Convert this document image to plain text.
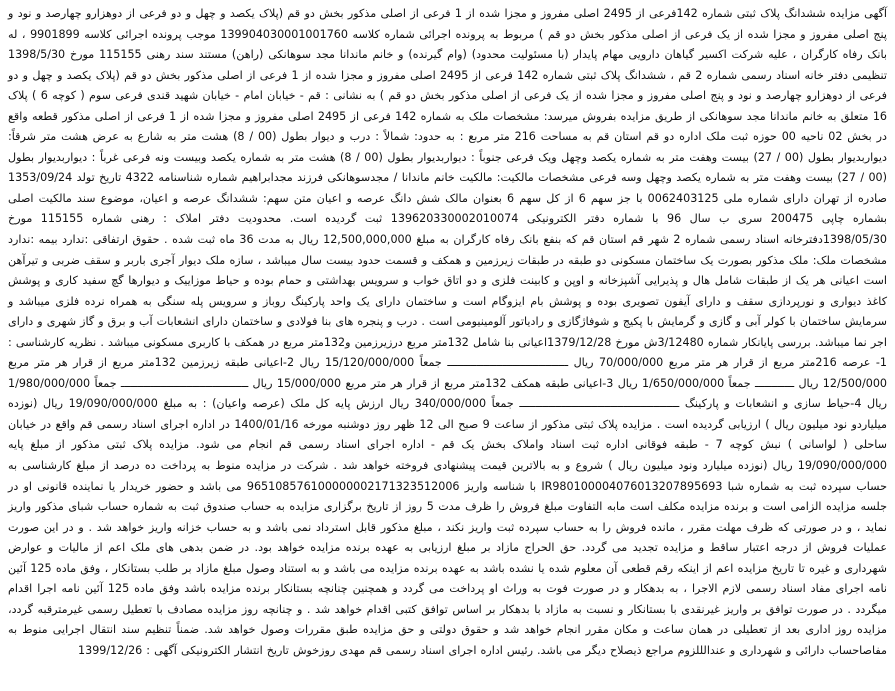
آگهی مزایده ششدانگ پلاک ثبتی شماره 142فرعی از 2495 اصلی مفروز و مجزا شده از 1 فرعی از اصلی مذکور بخش دو قم (پلاک یکصد و چهل و دو فرعی از دوهزارو چهارصد و نود و پنج اصلی مفروز و مجزا شده از یک فرعی از اصلی مذکور بخش دو قم ) مربوط به پرونده اجرائی شماره کلاسه 139904030001001760 موجب پرونده اجرائی کلاسه 9901899 ، له بانک رفاه کارگران ، علیه شرکت اکسیر گیاهان دارویی مهام پایدار (با مسئولیت محدود) (وام گیرنده) و خانم ماندانا مجد سوهانکی (راهن) مستند سند رهنی 115155 مورخ 1398/5/30 تنظیمی دفتر خانه اسناد رسمی شماره 2 قم ، ششدانگ پلاک ثبتی شماره 142 فرعی از 2495 اصلی مفروز و مجزا شده از 1 فرعی از اصلی مذکور بخش دو قم (پلاک یکصد و چهل و دو فرعی از دوهزارو چهارصد و نود و پنج اصلی مفروز و مجزا شده از یک فرعی از اصلی مذکور بخش دو قم ) به نشانی : قم - خیابان امام - خیابان شهید قندی فرعی سوم ( کوچه 6 ) پلاک 16 متعلق به خانم ماندانا مجد سوهانکی از طریق مزایده بفروش میرسد: مشخصات ملک به شماره 142 فرعی از 2495 اصلی مفروز و مجزا شده از 1 فرعی از اصلی مذکور قطعه واقع در بخش 02 ناحیه 00 حوزه ثبت ملک اداره دو قم استان قم به مساحت 216 متر مربع : به حدود: شمالاً : درب و دیوار بطول (00 / 8) هشت متر به شارع به عرض هشت متر شرقاً: دیواربدیوار بطول (00 / 27) بیست وهفت متر به شماره یکصد وچهل ویک فرعی جنوباً : دیواربدیوار بطول (00 / 8) هشت متر به شماره یکصد وبیست ونه فرعی غرباً : دیواربدیوار بطول (00 / 27) بیست وهفت متر به شماره یکصد وچهل وسه فرعی مشخصات مالکیت: مالکیت خانم ماندانا / مجدسوهانکی فرزند مجدابراهیم شماره شناسنامه 4322 تاریخ تولد 1353/09/24 صادره از تهران دارای شماره ملی 0062403125 با جز سهم 6 از کل سهم 6 بعنوان مالک شش دانگ عرصه و اعیان متن سهم: ششدانگ عرصه و اعیان، موضوع سند مالکیت اصلی بشماره چاپی 200475 سری ب سال 96 با شماره دفتر الکترونیکی 139620330002010074 ثبت گردیده است. محدودیت دفتر املاک : رهنی شماره 115155 مورخ 1398/05/30دفترخانه اسناد رسمی شماره 2 شهر قم استان قم که بنفع بانک رفاه کارگران به مبلغ 12,500,000,000 ریال به مدت 36 ماه ثبت شده . حقوق ارتفاقی :ندارد بیمه :ندارد مشخصات ملک: ملک مذکور بصورت یک ساختمان مسکونی دو طبقه در طبقات زیرزمین و همکف و قسمت حدود بیست سال میباشد ، سازه ملک دیوار آجری باربر و سقف ضربی و تیرآهن است اعیانی هر یک از طبقات شامل هال و پذیرایی آشپزخانه و اوپن و کابینت فلزی و دو اتاق خواب و سرویس بهداشتی و حمام بوده و حیاط موزاییک و دیوارها گچ سفید کاری و پوشش کاغذ دیواری و نورپردازی سقف و دارای آیفون تصویری بوده و پوشش بام ایزوگام است و ساختمان دارای یک واحد پارکینگ روباز و سرویس پله سنگی به همراه نرده فلزی میباشد و سرمایش ساختمان با کولر آبی و گازی و گرمایش با پکیج و شوفاژگازی و رادیاتور آلومینیومی است . درب و پنجره های بنا فولادی و ساختمان دارای انشعابات آب و برق و گاز شهری و دارای اجر نما میباشد. بررسی پایانکار شماره 3/12480ش مورخ 1379/12/28اعیانی بنا شامل 132متر مربع درزیرزمین و132متر مربع در همکف با کاربری مسکونی میباشد . نظریه کارشناسی : 1- عرصه 216متر مربع از قرار هر متر مربع 70/000/000 ریال ـــــــــــــــــــــــــــــــــــــ جمعاً 15/120/000/000 ریال 2-اعیانی طبقه زیرزمین 132متر مربع از قرار هر متر مربع 12/500/000 ریال ــــــــــــ جمعاً 1/650/000/000 ریال 3-اعیانی طبقه همکف 132متر مربع از قرار هر متر مربع 15/000/000 ریال ـــــــــــــــــــــــــــــــــــــــ جمعاً 1/980/000/000 ریال 4-حیاط سازی و انشعابات و پارکینگ ـــــــــــــــــــــــــــــــــــــــــــــــــ جمعاً 340/000/000 ریال ارزش پایه کل ملک (عرصه واعیان) : به مبلغ 19/090/000/000 ریال (نوزده میلیاردو نود میلیون ریال ) ارزیابی گردیده است . مزایده پلاک ثبتی مذکور از ساعت 9 صبح الی 12 ظهر روز دوشنبه مورخه 1400/01/16 در اداره اجرای اسناد رسمی قم واقع در خیابان ساحلی ( لواسانی ) نبش کوچه 7 - طبقه فوقانی اداره ثبت اسناد واملاک بخش یک قم - اداره اجرای اسناد رسمی قم انجام می شود. مزایده پلاک ثبتی مذکور از مبلغ پایه 19/090/000/000 ریال (نوزده میلیارد ونود میلیون ریال ) شروع و به بالاترین قیمت پیشنهادی فروخته خواهد شد . شرکت در مزایده منوط به پرداخت ده درصد از مبلغ کارشناسی به حساب سپرده ثبت به شماره شبا IR980100004076013207895693 با شناسه واریز 965108576100000002171323512006 می باشد و حضور خریدار یا نماینده قانونی او در جلسه مزایده الزامی است و برنده مزایده مکلف است مابه التفاوت مبلغ فروش را ظرف مدت 5 روز از تاریخ برگزاری مزایده به حساب صندوق ثبت به شماره حساب شبای مذکور واریز نماید ، و در صورتی که ظرف مهلت مقرر ، مانده فروش را به حساب سپرده ثبت واریز نکند ، مبلغ مذکور قابل استرداد نمی باشد و به حساب خزانه واریز خواهد شد . و در این صورت عملیات فروش از درجه اعتبار ساقط و مزایده تجدید می گردد. حق الحراج مازاد بر مبلغ ارزیابی به عهده برنده مزایده خواهد بود. در ضمن بدهی های ملک اعم از مالیات و عوارض شهرداری و غیره تا تاریخ مزایده اعم از اینکه رقم قطعی آن معلوم شده یا نشده باشد به عهده برنده مزایده می باشد و به استناد وصول مبلغ مازاد بر طلب بستانکار ، وفق ماده 125 آئین نامه اجرای مفاد اسناد رسمی لازم الاجرا ، به بدهکار و در صورت فوت به وراث او پرداخت می گردد و همچنین چنانچه بستانکار برنده مزایده باشد وفق ماده 125 آئین نامه اجرا اقدام میگردد . در صورت توافق بر واریز غیرنقدی با بستانکار و نسبت به مازاد با بدهکار بر اساس توافق کتبی اقدام خواهد شد . و چنانچه روز مزایده مصادف با تعطیل رسمی غیرمترقبه گردد، مزایده روز اداری بعد از تعطیلی در همان ساعت و مکان مقرر انجام خواهد شد و حقوق دولتی و حق مزایده طبق مقررات وصول خواهد شد. ضمناً تنظیم سند انتقال اجرایی منوط به مفاصاحساب دارائی و شهرداری و عندالللزوم مراجع ذیصلاح دیگر می باشد. رئیس اداره اجرای اسناد رسمی قم مهدی روزخوش تاریخ انتشار الکترونیکی آگهی : 1399/12/26
